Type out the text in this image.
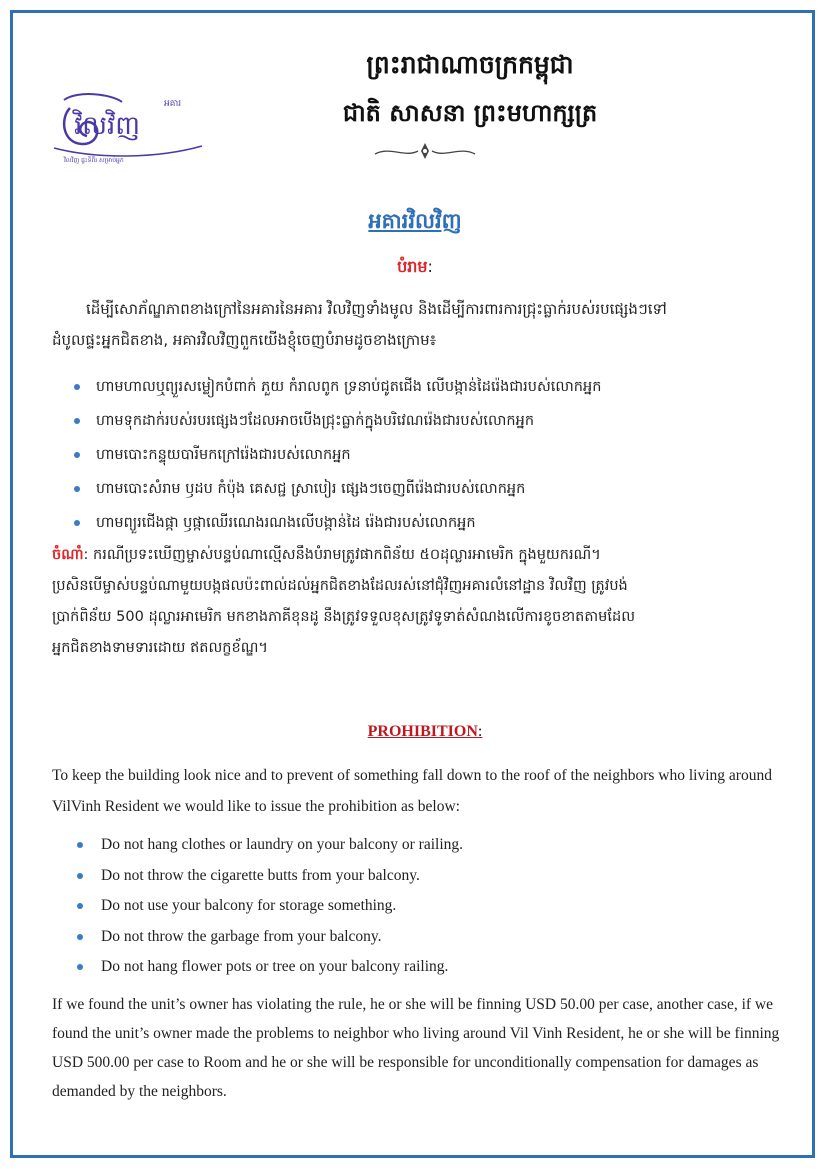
វិលវិញ
អគារ
វិលវិញ ផ្ទះទីពីរ សម្រាប់អ្នក
ព្រះរាជាណាចក្រកម្ពុជា
ជាតិ សាសនា ព្រះមហាក្សត្រ
អគារវិលវិញ
បំរាម:
ដើម្បីសោភ័ណ្ឌភាពខាងក្រៅនៃអគារនៃអគារ វិលវិញទាំងមូល និងដើម្បីការពារការជ្រុះធ្លាក់របស់របផ្សេងៗទៅ
ដំបូលផ្ទះអ្នកជិតខាង, អគារវិលវិញពួកយើងខ្ញុំចេញបំរាមដូចខាងក្រោម៖
ហាមហាលឬព្យួរសម្លៀកបំពាក់ ភួយ កំរាលពូក ទ្រនាប់ជូតជើង លើបង្កាន់ដៃរ៉េងជារបស់លោកអ្នក
ហាមទុកដាក់របស់របរផ្សេងៗដែលអាចបើងជ្រុះធ្លាក់ក្នុងបរិវេណរ៉េងជារបស់លោកអ្នក
ហាមបោះកន្ទុយបារីមកក្រៅរ៉េងជារបស់លោកអ្នក
ហាមបោះសំរាម ឫដប កំប៉ុង គេសជ្ជ ស្រាបៀរ ផ្សេងៗចេញពីរ៉េងជារបស់លោកអ្នក
ហាមព្យួរជើងផ្កា ឫផ្កាឈើរណេងរណងលើបង្កាន់ដៃ រ៉េងជារបស់លោកអ្នក
ចំណាំ: ករណីប្រទះឃើញម្ចាស់បន្ទប់ណាល្មើសនឹងបំរាមត្រូវផាកពិន័យ ៥០ដុល្លារអាមេរិក ក្នុងមួយករណី។
ប្រសិនបើម្ចាស់បន្ទប់ណាមួយបង្កផលប៉ះពាល់ដល់អ្នកជិតខាងដែលរស់នៅជុំវិញអគារលំនៅដ្ឋាន វិលវិញ ត្រូវបង់
ប្រាក់ពិន័យ 500 ដុល្លារអាមេរិក មកខាងភាគីខុនដូ នឹងត្រូវទទួលខុសត្រូវទូទាត់សំណងលើការខូចខាតតាមដែល
អ្នកជិតខាងទាមទារដោយ ឥតលក្ខខ័ណ្ឌ។
PROHIBITION:
To keep the building look nice and to prevent of something fall down to the roof of the neighbors who living around VilVinh Resident we would like to issue the prohibition as below:
Do not hang clothes or laundry on your balcony or railing.
Do not throw the cigarette butts from your balcony.
Do not use your balcony for storage something.
Do not throw the garbage from your balcony.
Do not hang flower pots or tree on your balcony railing.
If we found the unit’s owner has violating the rule, he or she will be finning USD 50.00 per case, another case, if we found the unit’s owner made the problems to neighbor who living around Vil Vinh Resident, he or she will be finning USD 500.00 per case to Room and he or she will be responsible for unconditionally compensation for damages as demanded by the neighbors.
